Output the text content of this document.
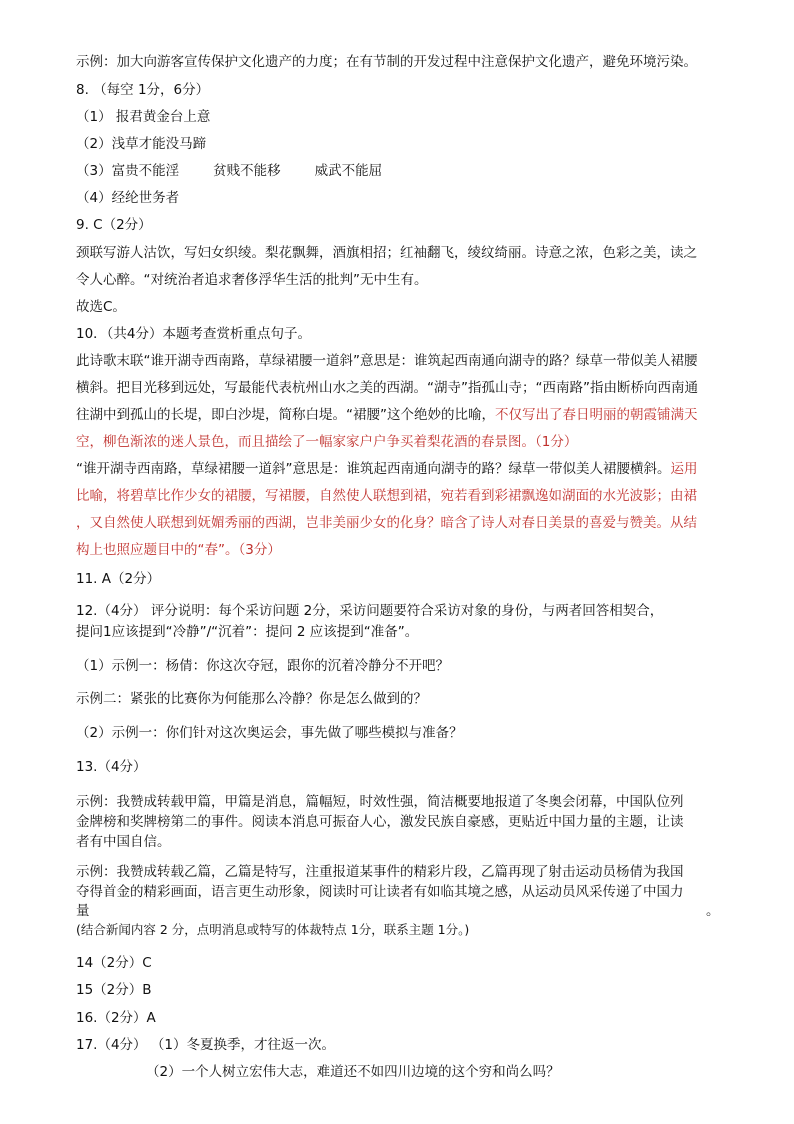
示例：加大向游客宣传保护文化遗产的力度；在有节制的开发过程中注意保护文化遗产，避免环境污染。
8. （每空 1分，6分）
（1） 报君黄金台上意
（2）浅草才能没马蹄
（3）富贵不能淫	贫贱不能移	威武不能屈
（4）经纶世务者
9. C（2分）
颈联写游人沽饮，写妇女织绫。梨花飘舞，酒旗相招；红袖翻飞，绫纹绮丽。诗意之浓，色彩之美，读之
令人心醉。“对统治者追求奢侈浮华生活的批判”无中生有。
故选C。
10．（共4分）本题考查赏析重点句子。
此诗歌末联“谁开湖寺西南路，草绿裙腰一道斜”意思是：谁筑起西南通向湖寺的路？绿草一带似美人裙腰
横斜。把目光移到远处，写最能代表杭州山水之美的西湖。“湖寺”指孤山寺；“西南路”指由断桥向西南通
往湖中到孤山的长堤，即白沙堤，简称白堤。“裙腰”这个绝妙的比喻，不仅写出了春日明丽的朝霞铺满天
空，柳色渐浓的迷人景色，而且描绘了一幅家家户户争买着梨花酒的春景图。（1分）
“谁开湖寺西南路，草绿裙腰一道斜”意思是：谁筑起西南通向湖寺的路？绿草一带似美人裙腰横斜。运用
比喻，将碧草比作少女的裙腰，写裙腰，自然使人联想到裙，宛若看到彩裙飘逸如湖面的水光波影；由裙
，又自然使人联想到妩媚秀丽的西湖，岂非美丽少女的化身？暗含了诗人对春日美景的喜爱与赞美。从结
构上也照应题目中的“春”。（3分）
11. A（2分）
12.（4分） 评分说明：每个采访问题 2分，采访问题要符合采访对象的身份，与两者回答相契合，
提问1应该提到“冷静”/“沉着”：提问 2 应该提到“准备”。
（1）示例一：杨倩：你这次夺冠，跟你的沉着冷静分不开吧？
示例二：紧张的比赛你为何能那么冷静？你是怎么做到的？
（2）示例一：你们针对这次奥运会，事先做了哪些模拟与准备？
13.（4分）
示例：我赞成转载甲篇，甲篇是消息，篇幅短，时效性强，简洁概要地报道了冬奥会闭幕，中国队位列
金牌榜和奖牌榜第二的事件。阅读本消息可振奋人心，激发民族自豪感，更贴近中国力量的主题，让读
者有中国自信。
示例：我赞成转载乙篇，乙篇是特写，注重报道某事件的精彩片段，乙篇再现了射击运动员杨倩为我国
夺得首金的精彩画面，语言更生动形象，阅读时可让读者有如临其境之感，从运动员风采传递了中国力
量	。
(结合新闻内容 2 分，点明消息或特写的体裁特点 1分，联系主题 1分。)
14（2分）C
15（2分）B
16.（2分）A
17.（4分） （1）冬夏换季，才往返一次。
（2）一个人树立宏伟大志，难道还不如四川边境的这个穷和尚么吗？
